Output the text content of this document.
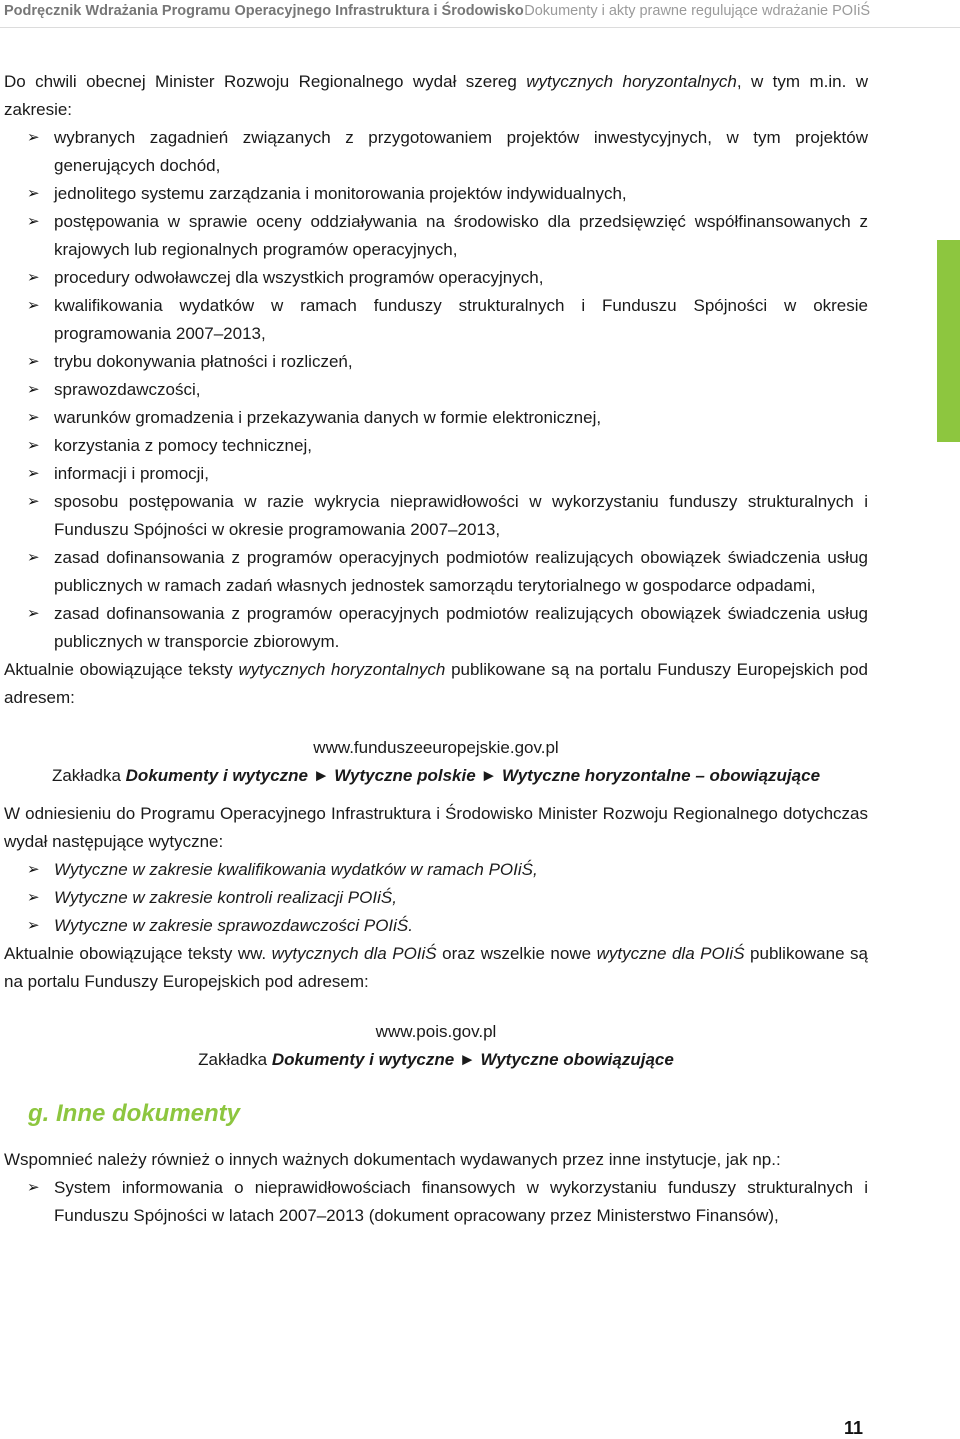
Podręcznik Wdrażania Programu Operacyjnego Infrastruktura i Środowisko Dokumenty i akty prawne regulujące wdrażanie POIiŚ

Do chwili obecnej Minister Rozwoju Regionalnego wydał szereg wytycznych horyzontalnych, w tym m.in. w zakresie:

➢ wybranych zagadnień związanych z przygotowaniem projektów inwestycyjnych, w tym projektów generujących dochód,
➢ jednolitego systemu zarządzania i monitorowania projektów indywidualnych,
➢ postępowania w sprawie oceny oddziaływania na środowisko dla przedsięwzięć współfinansowanych z krajowych lub regionalnych programów operacyjnych,
➢ procedury odwoławczej dla wszystkich programów operacyjnych,
➢ kwalifikowania wydatków w ramach funduszy strukturalnych i Funduszu Spójności w okresie programowania 2007–2013,
➢ trybu dokonywania płatności i rozliczeń,
➢ sprawozdawczości,
➢ warunków gromadzenia i przekazywania danych w formie elektronicznej,
➢ korzystania z pomocy technicznej,
➢ informacji i promocji,
➢ sposobu postępowania w razie wykrycia nieprawidłowości w wykorzystaniu funduszy strukturalnych i Funduszu Spójności w okresie programowania 2007–2013,
➢ zasad dofinansowania z programów operacyjnych podmiotów realizujących obowiązek świadczenia usług publicznych w ramach zadań własnych jednostek samorządu terytorialnego w gospodarce odpadami,
➢ zasad dofinansowania z programów operacyjnych podmiotów realizujących obowiązek świadczenia usług publicznych w transporcie zbiorowym.

Aktualnie obowiązujące teksty wytycznych horyzontalnych publikowane są na portalu Funduszy Europejskich pod adresem:

www.funduszeeuropejskie.gov.pl

Zakładka Dokumenty i wytyczne ► Wytyczne polskie ► Wytyczne horyzontalne – obowiązujące

W odniesieniu do Programu Operacyjnego Infrastruktura i Środowisko Minister Rozwoju Regionalnego dotychczas wydał następujące wytyczne:

➢ Wytyczne w zakresie kwalifikowania wydatków w ramach POIiŚ,
➢ Wytyczne w zakresie kontroli realizacji POIiŚ,
➢ Wytyczne w zakresie sprawozdawczości POIiŚ.

Aktualnie obowiązujące teksty ww. wytycznych dla POIiŚ oraz wszelkie nowe wytyczne dla POIiŚ publikowane są na portalu Funduszy Europejskich pod adresem:

www.pois.gov.pl

Zakładka Dokumenty i wytyczne ► Wytyczne obowiązujące

g. Inne dokumenty

Wspomnieć należy również o innych ważnych dokumentach wydawanych przez inne instytucje, jak np.:

➢ System informowania o nieprawidłowościach finansowych w wykorzystaniu funduszy strukturalnych i Funduszu Spójności w latach 2007–2013 (dokument opracowany przez Ministerstwo Finansów),
11
